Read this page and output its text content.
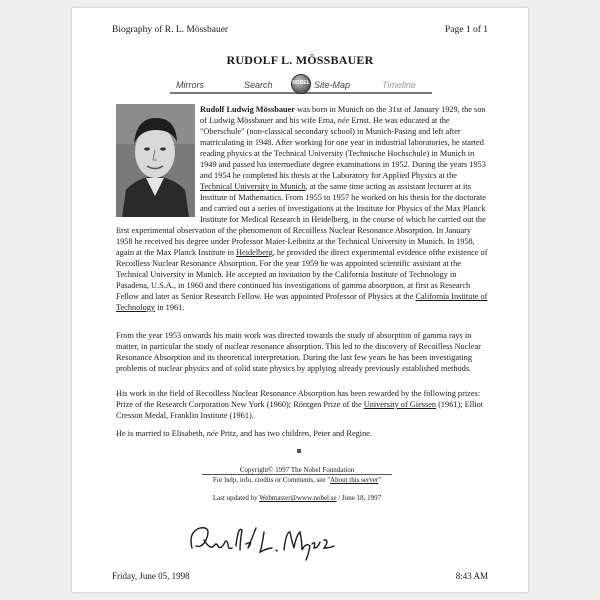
Biography of R. L. Mössbauer	Page 1 of 1
RUDOLF L. MÖSSBAUER
Mirrors	Search	NOBEL Site-Map	Timeline

Rudolf Ludwig Mössbauer was born in Munich on the 31st of January 1929, the son of Ludwig Mössbauer and his wife Erna, née Ernst. He was educated at the "Oberschule" (non-classical secondary school) in Munich-Pasing and left after matriculating in 1948. After working for one year in industrial laboratories, he started reading physics at the Technical University (Technische Hochschule) in Munich in 1949 and passed his intermediate degree examinations in 1952. During the years 1953 and 1954 he completed his thesis at the Laboratory for Applied Physics at the Technical University in Munich, at the same time acting as assistant lecturer at its Institute of Mathematics. From 1955 to 1957 he worked on his thesis for the doctorate and carried out a series of investigations at the Institute for Physics of the Max Planck Institute for Medical Research in Heidelberg, in the course of which he carried out the first experimental observation of the phenomenon of Recoilless Nuclear Resonance Absorption. In January 1958 he received his degree under Professor Maier-Leibnitz at the Technical University in Munich. In 1958, again at the Max Planck Institute in Heidelberg, he provided the direct experimental evidence ofthe existence of Recoilless Nuclear Resonance Absorption. For the year 1959 he was appointed scientific assistant at the Technical University in Munich. He accepted an invitation by the California Institute of Technology in Pasadena, U.S.A., in 1960 and there continued his investigations of gamma absorption, at first as Research Fellow and later as Senior Research Fellow. He was appointed Professor of Physics at the California Institute of Technology in 1961.

From the year 1953 onwards his main work was directed towards the study of absorption of gamma rays in matter, in particular the study of nuclear resonance absorption. This led to the discovery of Recoilless Nuclear Resonance Absorption and its theoretical interpretation. During the last few years he has been investigating problems of nuclear physics and of solid state physics by applying already previously established methods.

His work in the field of Recoilless Nuclear Resonance Absorption has been rewarded by the following prizes: Prize of the Research Corporation New York (1960); Röntgen Prize of the University of Giessen (1961); Elliot Cresson Medal, Franklin Institute (1961).

He is married to Elisabeth, née Pritz, and has two children, Peter and Regine.

Copyright© 1997 The Nobel Foundation
For help, info, credits or Comments, see "About this server"
Last updated by Webmaster@www.nobel.se / June 18, 1997
Friday, June 05, 1998	8:43 AM
